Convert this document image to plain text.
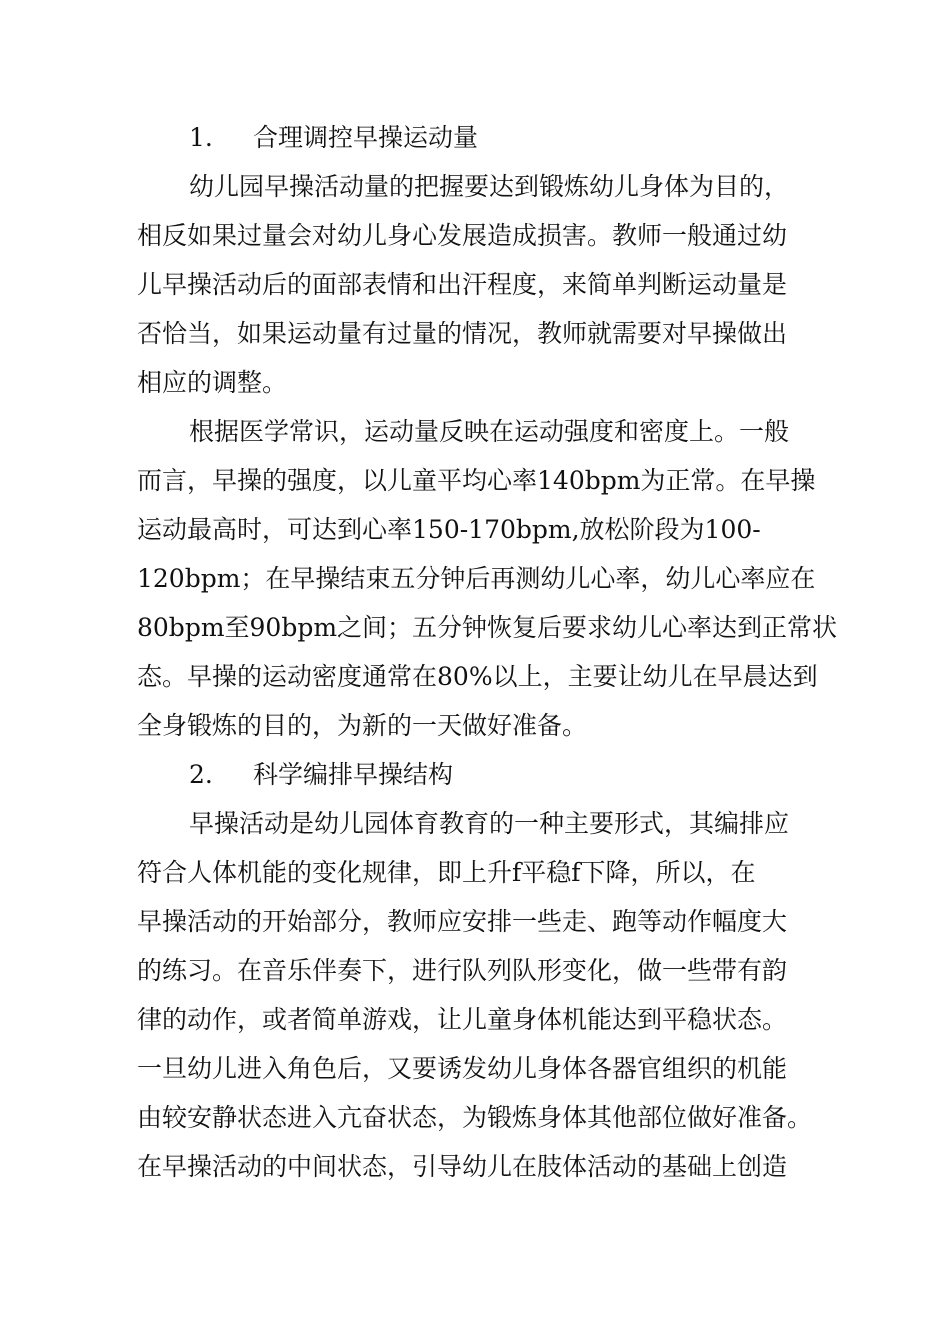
1.	合理调控早操运动量
幼儿园早操活动量的把握要达到锻炼幼儿身体为目的，
相反如果过量会对幼儿身心发展造成损害。教师一般通过幼
儿早操活动后的面部表情和出汗程度，来简单判断运动量是
否恰当，如果运动量有过量的情况，教师就需要对早操做出
相应的调整。
根据医学常识，运动量反映在运动强度和密度上。一般
而言，早操的强度，以儿童平均心率140bpm为正常。在早操
运动最高时，可达到心率150-170bpm,放松阶段为100-
120bpm；在早操结束五分钟后再测幼儿心率，幼儿心率应在
80bpm至90bpm之间；五分钟恢复后要求幼儿心率达到正常状
态。早操的运动密度通常在80%以上，主要让幼儿在早晨达到
全身锻炼的目的，为新的一天做好准备。
2.	科学编排早操结构
早操活动是幼儿园体育教育的一种主要形式，其编排应
符合人体机能的变化规律，即上升f平稳f下降，所以，在
早操活动的开始部分，教师应安排一些走、跑等动作幅度大
的练习。在音乐伴奏下，进行队列队形变化，做一些带有韵
律的动作，或者简单游戏，让儿童身体机能达到平稳状态。
一旦幼儿进入角色后，又要诱发幼儿身体各器官组织的机能
由较安静状态进入亢奋状态，为锻炼身体其他部位做好准备。
在早操活动的中间状态，引导幼儿在肢体活动的基础上创造
